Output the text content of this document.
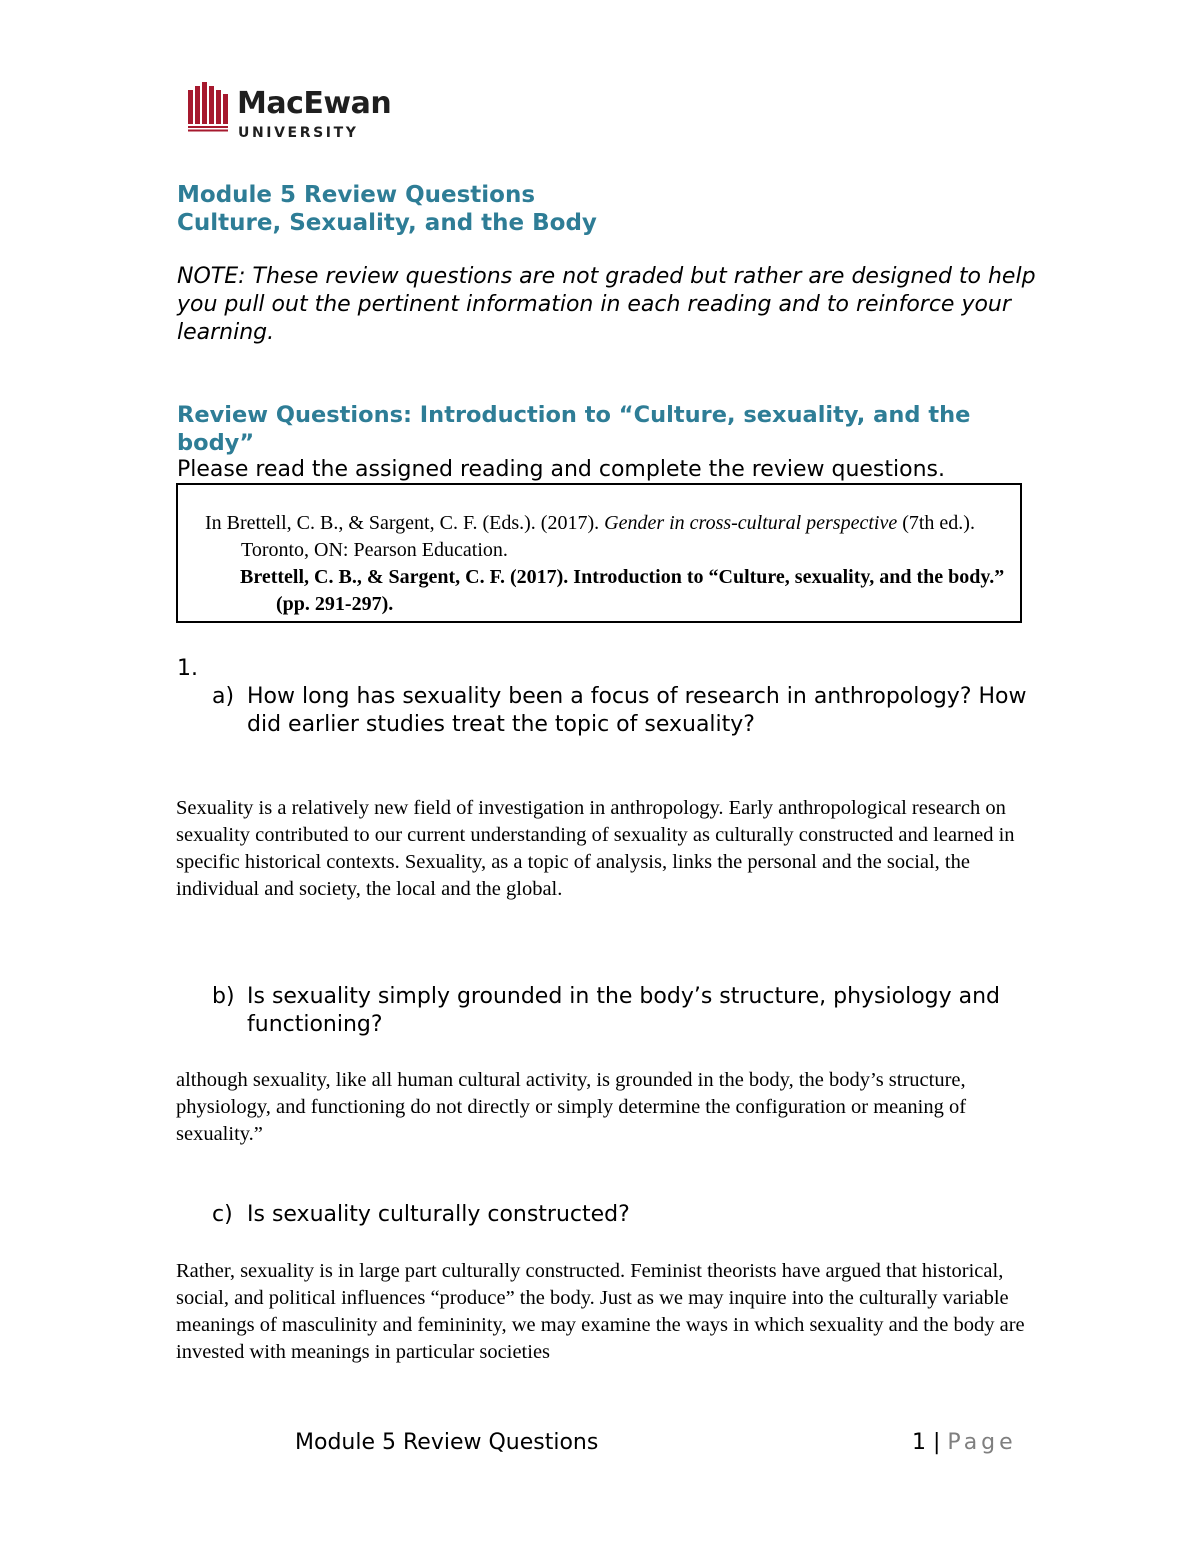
MacEwan
UNIVERSITY
Module 5 Review Questions
Culture, Sexuality, and the Body
NOTE: These review questions are not graded but rather are designed to help you pull out the pertinent information in each reading and to reinforce your learning.
Review Questions: Introduction to “Culture, sexuality, and the body”
Please read the assigned reading and complete the review questions.
In Brettell, C. B., & Sargent, C. F. (Eds.). (2017). Gender in cross-cultural perspective (7th ed.). Toronto, ON: Pearson Education.
Brettell, C. B., & Sargent, C. F. (2017). Introduction to “Culture, sexuality, and the body.” (pp. 291-297).
1.
a) How long has sexuality been a focus of research in anthropology? How did earlier studies treat the topic of sexuality?
Sexuality is a relatively new field of investigation in anthropology. Early anthropological research on sexuality contributed to our current understanding of sexuality as culturally constructed and learned in specific historical contexts. Sexuality, as a topic of analysis, links the personal and the social, the individual and society, the local and the global.
b) Is sexuality simply grounded in the body’s structure, physiology and functioning?
although sexuality, like all human cultural activity, is grounded in the body, the body’s structure, physiology, and functioning do not directly or simply determine the configuration or meaning of sexuality.”
c) Is sexuality culturally constructed?
Rather, sexuality is in large part culturally constructed. Feminist theorists have argued that historical, social, and political influences “produce” the body. Just as we may inquire into the culturally variable meanings of masculinity and femininity, we may examine the ways in which sexuality and the body are invested with meanings in particular societies
Module 5 Review Questions	1 | Page
